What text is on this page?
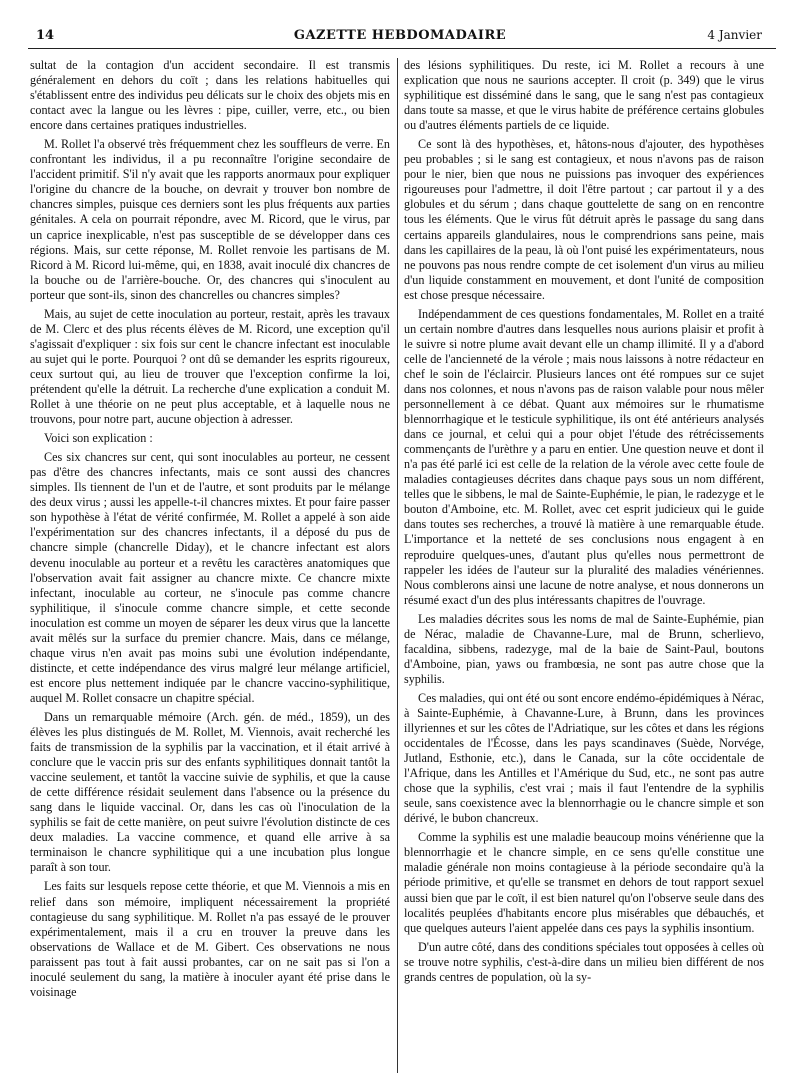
14	GAZETTE HEBDOMADAIRE	4 Janvier

sultat de la contagion d'un accident secondaire. Il est transmis généralement en dehors du coït ; dans les relations habituelles qui s'établissent entre des individus peu délicats sur le choix des objets mis en contact avec la langue ou les lèvres : pipe, cuiller, verre, etc., ou bien encore dans certaines pratiques industrielles.

M. Rollet l'a observé très fréquemment chez les souffleurs de verre. En confrontant les individus, il a pu reconnaître l'origine secondaire de l'accident primitif. S'il n'y avait que les rapports anormaux pour expliquer l'origine du chancre de la bouche, on devrait y trouver bon nombre de chancres simples, puisque ces derniers sont les plus fréquents aux parties génitales. A cela on pourrait répondre, avec M. Ricord, que le virus, par un caprice inexplicable, n'est pas susceptible de se développer dans ces régions. Mais, sur cette réponse, M. Rollet renvoie les partisans de M. Ricord à M. Ricord lui-même, qui, en 1838, avait inoculé dix chancres de la bouche ou de l'arrière-bouche. Or, des chancres qui s'inoculent au porteur que sont-ils, sinon des chancrelles ou chancres simples?

Mais, au sujet de cette inoculation au porteur, restait, après les travaux de M. Clerc et des plus récents élèves de M. Ricord, une exception qu'il s'agissait d'expliquer : six fois sur cent le chancre infectant est inoculable au sujet qui le porte. Pourquoi ? ont dû se demander les esprits rigoureux, ceux surtout qui, au lieu de trouver que l'exception confirme la loi, prétendent qu'elle la détruit. La recherche d'une explication a conduit M. Rollet à une théorie on ne peut plus acceptable, et à laquelle nous ne trouvons, pour notre part, aucune objection à adresser.

Voici son explication :

Ces six chancres sur cent, qui sont inoculables au porteur, ne cessent pas d'être des chancres infectants, mais ce sont aussi des chancres simples. Ils tiennent de l'un et de l'autre, et sont produits par le mélange des deux virus ; aussi les appelle-t-il chancres mixtes. Et pour faire passer son hypothèse à l'état de vérité confirmée, M. Rollet a appelé à son aide l'expérimentation sur des chancres infectants, il a déposé du pus de chancre simple (chancrelle Diday), et le chancre infectant est alors devenu inoculable au porteur et a revêtu les caractères anatomiques que l'observation avait fait assigner au chancre mixte. Ce chancre mixte infectant, inoculable au corteur, ne s'inocule pas comme chancre syphilitique, il s'inocule comme chancre simple, et cette seconde inoculation est comme un moyen de séparer les deux virus que la lancette avait mêlés sur la surface du premier chancre. Mais, dans ce mélange, chaque virus n'en avait pas moins subi une évolution indépendante, distincte, et cette indépendance des virus malgré leur mélange artificiel, est encore plus nettement indiquée par le chancre vaccino-syphilitique, auquel M. Rollet consacre un chapitre spécial.

Dans un remarquable mémoire (Arch. gén. de méd., 1859), un des élèves les plus distingués de M. Rollet, M. Viennois, avait recherché les faits de transmission de la syphilis par la vaccination, et il était arrivé à conclure que le vaccin pris sur des enfants syphilitiques donnait tantôt la vaccine seulement, et tantôt la vaccine suivie de syphilis, et que la cause de cette différence résidait seulement dans l'absence ou la présence du sang dans le liquide vaccinal. Or, dans les cas où l'inoculation de la syphilis se fait de cette manière, on peut suivre l'évolution distincte de ces deux maladies. La vaccine commence, et quand elle arrive à sa terminaison le chancre syphilitique qui a une incubation plus longue paraît à son tour.

Les faits sur lesquels repose cette théorie, et que M. Viennois a mis en relief dans son mémoire, impliquent nécessairement la propriété contagieuse du sang syphilitique. M. Rollet n'a pas essayé de le prouver expérimentalement, mais il a cru en trouver la preuve dans les observations de Wallace et de M. Gibert. Ces observations ne nous paraissent pas tout à fait aussi probantes, car on ne sait pas si l'on a inoculé seulement du sang, la matière à inoculer ayant été prise dans le voisinage

des lésions syphilitiques. Du reste, ici M. Rollet a recours à une explication que nous ne saurions accepter. Il croit (p. 349) que le virus syphilitique est disséminé dans le sang, que le sang n'est pas contagieux dans toute sa masse, et que le virus habite de préférence certains globules ou d'autres éléments partiels de ce liquide.

Ce sont là des hypothèses, et, hâtons-nous d'ajouter, des hypothèses peu probables ; si le sang est contagieux, et nous n'avons pas de raison pour le nier, bien que nous ne puissions pas invoquer des expériences rigoureuses pour l'admettre, il doit l'être partout ; car partout il y a des globules et du sérum ; dans chaque gouttelette de sang on en rencontre tous les éléments. Que le virus fût détruit après le passage du sang dans certains appareils glandulaires, nous le comprendrions sans peine, mais dans les capillaires de la peau, là où l'ont puisé les expérimentateurs, nous ne pouvons pas nous rendre compte de cet isolement d'un virus au milieu d'un liquide constamment en mouvement, et dont l'unité de composition est chose presque nécessaire.

Indépendamment de ces questions fondamentales, M. Rollet en a traité un certain nombre d'autres dans lesquelles nous aurions plaisir et profit à le suivre si notre plume avait devant elle un champ illimité. Il y a d'abord celle de l'ancienneté de la vérole ; mais nous laissons à notre rédacteur en chef le soin de l'éclaircir. Plusieurs lances ont été rompues sur ce sujet dans nos colonnes, et nous n'avons pas de raison valable pour nous mêler personnellement à ce débat. Quant aux mémoires sur le rhumatisme blennorrhagique et le testicule syphilitique, ils ont été antérieurs analysés dans ce journal, et celui qui a pour objet l'étude des rétrécissements commençants de l'urèthre y a paru en entier. Une question neuve et dont il n'a pas été parlé ici est celle de la relation de la vérole avec cette foule de maladies contagieuses décrites dans chaque pays sous un nom différent, telles que le sibbens, le mal de Sainte-Euphémie, le pian, le radezyge et le bouton d'Amboine, etc. M. Rollet, avec cet esprit judicieux qui le guide dans toutes ses recherches, a trouvé là matière à une remarquable étude. L'importance et la netteté de ses conclusions nous engagent à en reproduire quelques-unes, d'autant plus qu'elles nous permettront de rappeler les idées de l'auteur sur la pluralité des maladies vénériennes. Nous comblerons ainsi une lacune de notre analyse, et nous donnerons un résumé exact d'un des plus intéressants chapitres de l'ouvrage.

Les maladies décrites sous les noms de mal de Sainte-Euphémie, pian de Nérac, maladie de Chavanne-Lure, mal de Brunn, scherlievo, facaldina, sibbens, radezyge, mal de la baie de Saint-Paul, boutons d'Amboine, pian, yaws ou frambœsia, ne sont pas autre chose que la syphilis.

Ces maladies, qui ont été ou sont encore endémo-épidémiques à Nérac, à Sainte-Euphémie, à Chavanne-Lure, à Brunn, dans les provinces illyriennes et sur les côtes de l'Adriatique, sur les côtes et dans les régions occidentales de l'Écosse, dans les pays scandinaves (Suède, Norvége, Jutland, Esthonie, etc.), dans le Canada, sur la côte occidentale de l'Afrique, dans les Antilles et l'Amérique du Sud, etc., ne sont pas autre chose que la syphilis, c'est vrai ; mais il faut l'entendre de la syphilis seule, sans coexistence avec la blennorrhagie ou le chancre simple et son dérivé, le bubon chancreux.

Comme la syphilis est une maladie beaucoup moins vénérienne que la blennorrhagie et le chancre simple, en ce sens qu'elle constitue une maladie générale non moins contagieuse à la période secondaire qu'à la période primitive, et qu'elle se transmet en dehors de tout rapport sexuel aussi bien que par le coït, il est bien naturel qu'on l'observe seule dans des localités peuplées d'habitants encore plus misérables que débauchés, et que quelques auteurs l'aient appelée dans ces pays la syphilis insontium.

D'un autre côté, dans des conditions spéciales tout opposées à celles où se trouve notre syphilis, c'est-à-dire dans un milieu bien différent de nos grands centres de population, où la sy-
